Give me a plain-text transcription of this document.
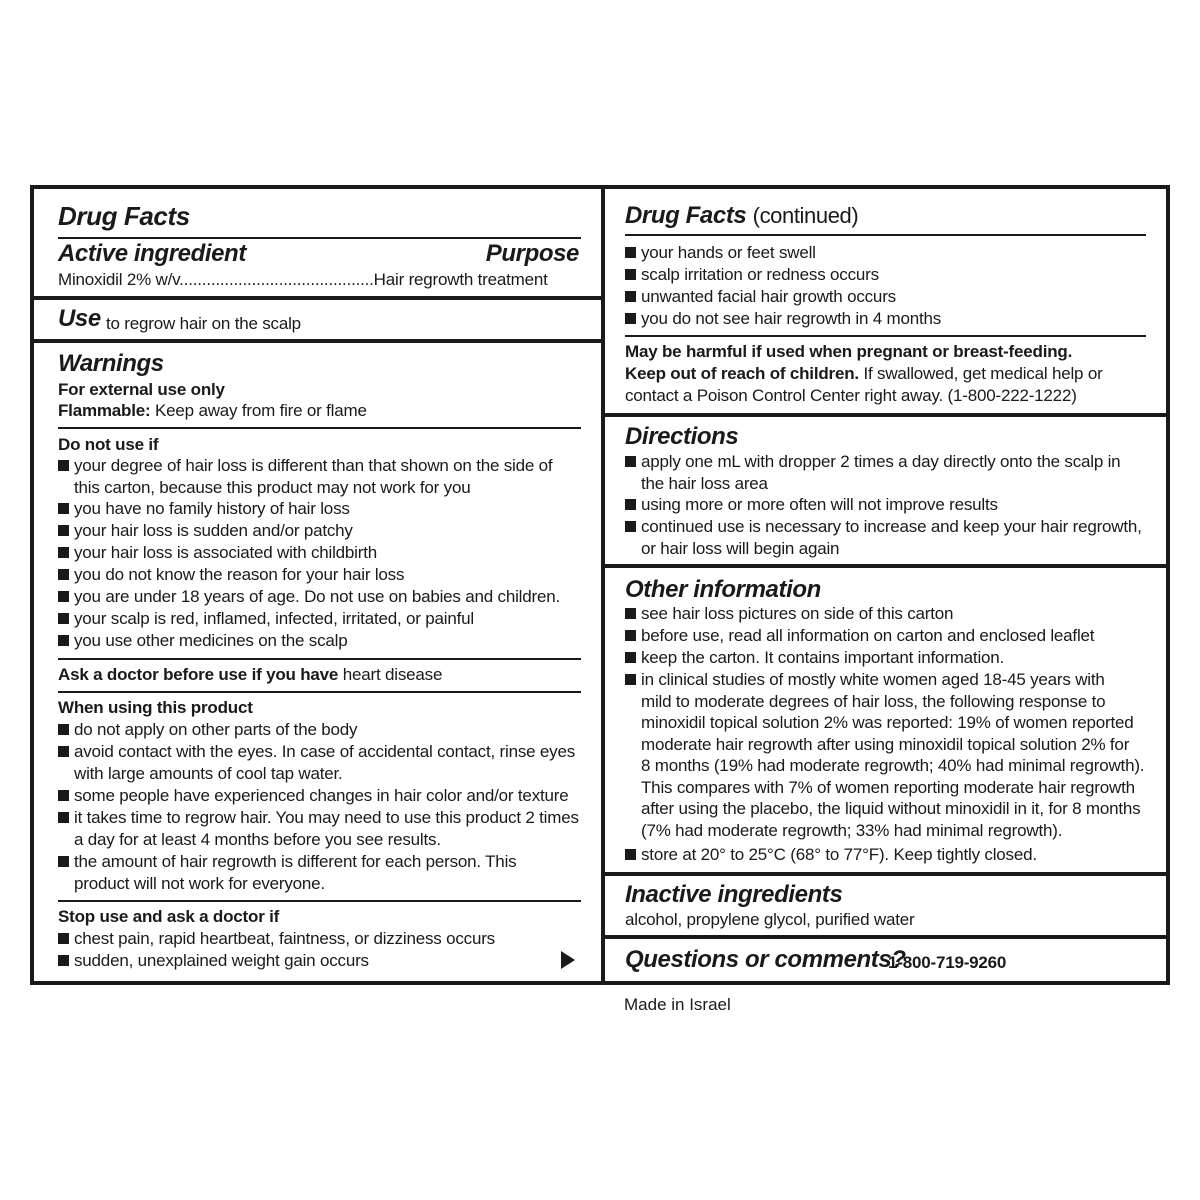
Drug Facts
Active ingredient	Purpose
Minoxidil 2% w/v...........................................Hair regrowth treatment
Use to regrow hair on the scalp
Warnings
For external use only
Flammable: Keep away from fire or flame
Do not use if
your degree of hair loss is different than that shown on the side of
this carton, because this product may not work for you
you have no family history of hair loss
your hair loss is sudden and/or patchy
your hair loss is associated with childbirth
you do not know the reason for your hair loss
you are under 18 years of age. Do not use on babies and children.
your scalp is red, inflamed, infected, irritated, or painful
you use other medicines on the scalp
Ask a doctor before use if you have heart disease
When using this product
do not apply on other parts of the body
avoid contact with the eyes. In case of accidental contact, rinse eyes
with large amounts of cool tap water.
some people have experienced changes in hair color and/or texture
it takes time to regrow hair. You may need to use this product 2 times
a day for at least 4 months before you see results.
the amount of hair regrowth is different for each person. This
product will not work for everyone.
Stop use and ask a doctor if
chest pain, rapid heartbeat, faintness, or dizziness occurs
sudden, unexplained weight gain occurs
Drug Facts (continued)
your hands or feet swell
scalp irritation or redness occurs
unwanted facial hair growth occurs
you do not see hair regrowth in 4 months
May be harmful if used when pregnant or breast-feeding.
Keep out of reach of children. If swallowed, get medical help or
contact a Poison Control Center right away. (1-800-222-1222)
Directions
apply one mL with dropper 2 times a day directly onto the scalp in
the hair loss area
using more or more often will not improve results
continued use is necessary to increase and keep your hair regrowth,
or hair loss will begin again
Other information
see hair loss pictures on side of this carton
before use, read all information on carton and enclosed leaflet
keep the carton. It contains important information.
in clinical studies of mostly white women aged 18-45 years with
mild to moderate degrees of hair loss, the following response to
minoxidil topical solution 2% was reported: 19% of women reported
moderate hair regrowth after using minoxidil topical solution 2% for
8 months (19% had moderate regrowth; 40% had minimal regrowth).
This compares with 7% of women reporting moderate hair regrowth
after using the placebo, the liquid without minoxidil in it, for 8 months
(7% had moderate regrowth; 33% had minimal regrowth).
store at 20° to 25°C (68° to 77°F). Keep tightly closed.
Inactive ingredients
alcohol, propylene glycol, purified water
Questions or comments?
1-800-719-9260
Made in Israel
